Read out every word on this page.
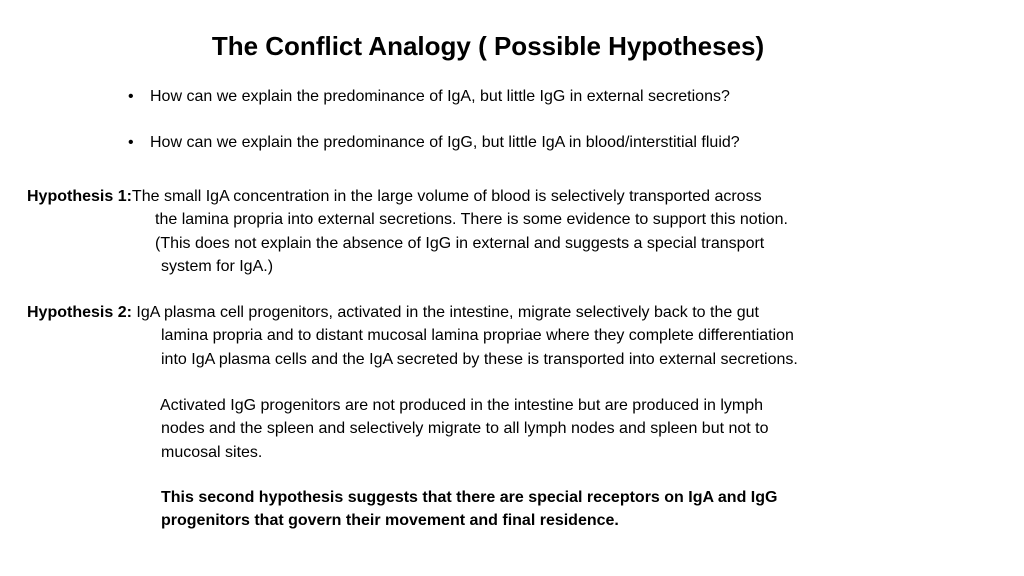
The Conflict Analogy ( Possible Hypotheses)
• How can we explain the predominance of IgA, but little IgG in external secretions?
• How can we explain the predominance of IgG, but little IgA in blood/interstitial fluid?
Hypothesis 1:The small IgA concentration in the large volume of blood is selectively transported across
the lamina propria into external secretions. There is some evidence to support this notion.
(This does not explain the absence of IgG in external and suggests a special transport
system for IgA.)
Hypothesis 2: IgA plasma cell progenitors, activated in the intestine, migrate selectively back to the gut
lamina propria and to distant mucosal lamina propriae where they complete differentiation
into IgA plasma cells and the IgA secreted by these is transported into external secretions.
Activated IgG progenitors are not produced in the intestine but are produced in lymph
nodes and the spleen and selectively migrate to all lymph nodes and spleen but not to
mucosal sites.
This second hypothesis suggests that there are special receptors on IgA and IgG
progenitors that govern their movement and final residence.
